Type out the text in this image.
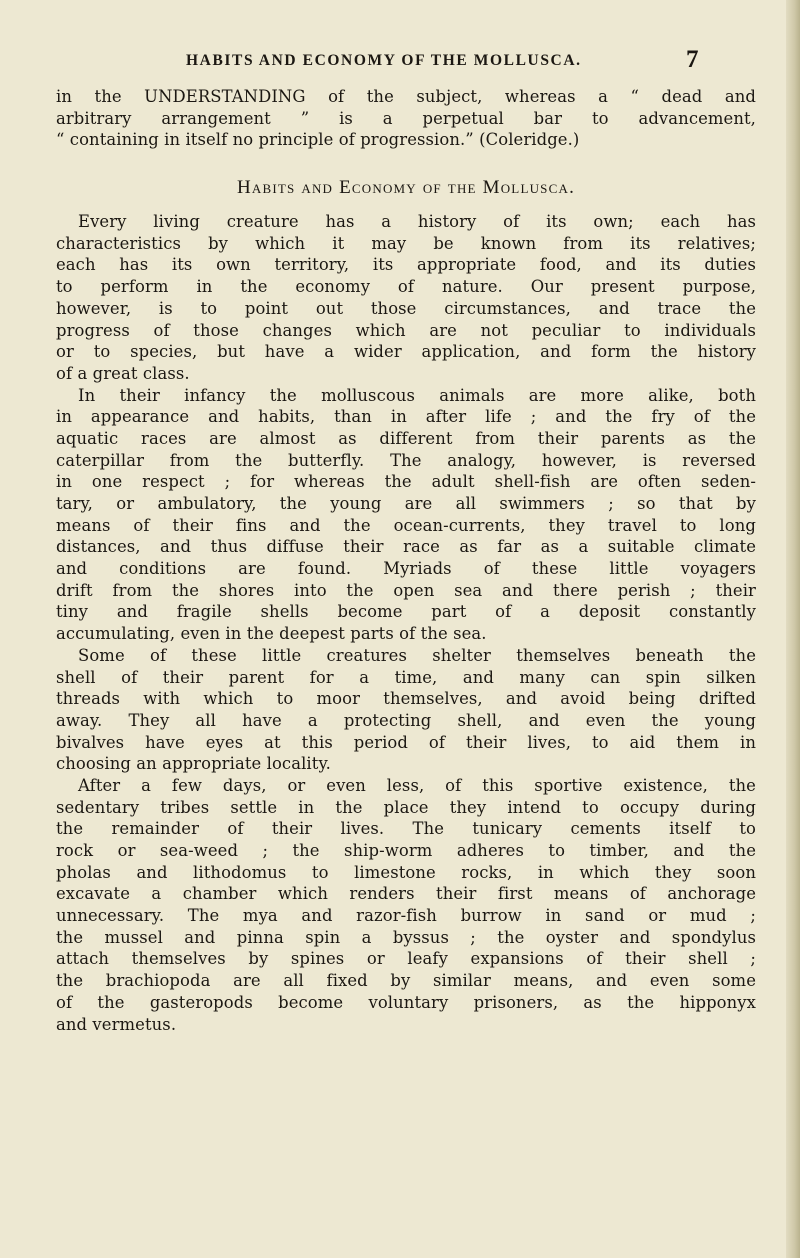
HABITS AND ECONOMY OF THE MOLLUSCA.	7
in the UNDERSTANDING of the subject, whereas a “ dead and
arbitrary arrangement ” is a perpetual bar to advancement,
“ containing in itself no principle of progression.” (Coleridge.)
Habits and Economy of the Mollusca.
Every living creature has a history of its own; each has
characteristics by which it may be known from its relatives;
each has its own territory, its appropriate food, and its duties
to perform in the economy of nature. Our present purpose,
however, is to point out those circumstances, and trace the
progress of those changes which are not peculiar to individuals
or to species, but have a wider application, and form the history
of a great class.
In their infancy the molluscous animals are more alike, both
in appearance and habits, than in after life ; and the fry of the
aquatic races are almost as different from their parents as the
caterpillar from the butterfly. The analogy, however, is reversed
in one respect ; for whereas the adult shell-fish are often seden-
tary, or ambulatory, the young are all swimmers ; so that by
means of their fins and the ocean-currents, they travel to long
distances, and thus diffuse their race as far as a suitable climate
and conditions are found. Myriads of these little voyagers
drift from the shores into the open sea and there perish ; their
tiny and fragile shells become part of a deposit constantly
accumulating, even in the deepest parts of the sea.
Some of these little creatures shelter themselves beneath the
shell of their parent for a time, and many can spin silken
threads with which to moor themselves, and avoid being drifted
away. They all have a protecting shell, and even the young
bivalves have eyes at this period of their lives, to aid them in
choosing an appropriate locality.
After a few days, or even less, of this sportive existence, the
sedentary tribes settle in the place they intend to occupy during
the remainder of their lives. The tunicary cements itself to
rock or sea-weed ; the ship-worm adheres to timber, and the
pholas and lithodomus to limestone rocks, in which they soon
excavate a chamber which renders their first means of anchorage
unnecessary. The mya and razor-fish burrow in sand or mud ;
the mussel and pinna spin a byssus ; the oyster and spondylus
attach themselves by spines or leafy expansions of their shell ;
the brachiopoda are all fixed by similar means, and even some
of the gasteropods become voluntary prisoners, as the hipponyx
and vermetus.
